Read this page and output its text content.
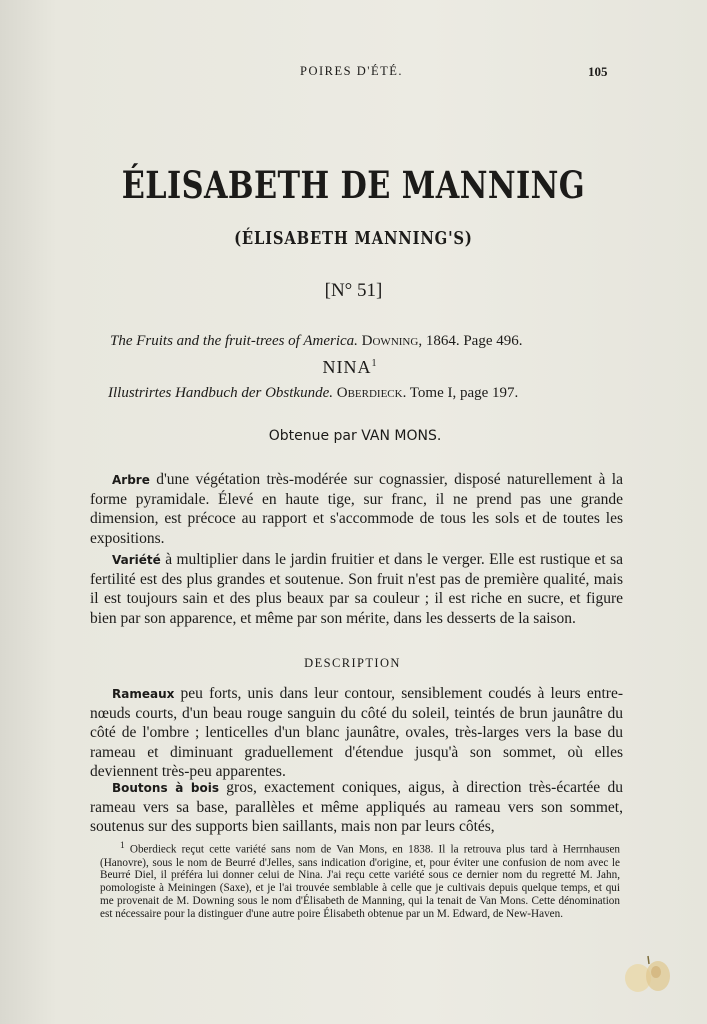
POIRES D'ÉTÉ.	105
ÉLISABETH DE MANNING
(ÉLISABETH MANNING'S)
[N° 51]
The Fruits and the fruit-trees of America. Downing, 1864. Page 496.
NINA$^1$
Illustrirtes Handbuch der Obstkunde. Oberdieck. Tome I, page 197.
Obtenue par VAN MONS.
Arbre d'une végétation très-modérée sur cognassier, disposé naturellement à la forme pyramidale. Élevé en haute tige, sur franc, il ne prend pas une grande dimension, est précoce au rapport et s'accommode de tous les sols et de toutes les expositions.
Variété à multiplier dans le jardin fruitier et dans le verger. Elle est rustique et sa fertilité est des plus grandes et soutenue. Son fruit n'est pas de première qualité, mais il est toujours sain et des plus beaux par sa couleur ; il est riche en sucre, et figure bien par son apparence, et même par son mérite, dans les desserts de la saison.
DESCRIPTION
Rameaux peu forts, unis dans leur contour, sensiblement coudés à leurs entre-nœuds courts, d'un beau rouge sanguin du côté du soleil, teintés de brun jaunâtre du côté de l'ombre ; lenticelles d'un blanc jaunâtre, ovales, très-larges vers la base du rameau et diminuant graduellement d'étendue jusqu'à son sommet, où elles deviennent très-peu apparentes.
Boutons à bois gros, exactement coniques, aigus, à direction très-écartée du rameau vers sa base, parallèles et même appliqués au rameau vers son sommet, soutenus sur des supports bien saillants, mais non par leurs côtés,
$^1$ Oberdieck reçut cette variété sans nom de Van Mons, en 1838. Il la retrouva plus tard à Herrnhausen (Hanovre), sous le nom de Beurré d'Jelles, sans indication d'origine, et, pour éviter une confusion de nom avec le Beurré Diel, il préféra lui donner celui de Nina. J'ai reçu cette variété sous ce dernier nom du regretté M. Jahn, pomologiste à Meiningen (Saxe), et je l'ai trouvée semblable à celle que je cultivais depuis quelque temps, et qui me provenait de M. Downing sous le nom d'Élisabeth de Manning, qui la tenait de Van Mons. Cette dénomination est nécessaire pour la distinguer d'une autre poire Élisabeth obtenue par un M. Edward, de New-Haven.
